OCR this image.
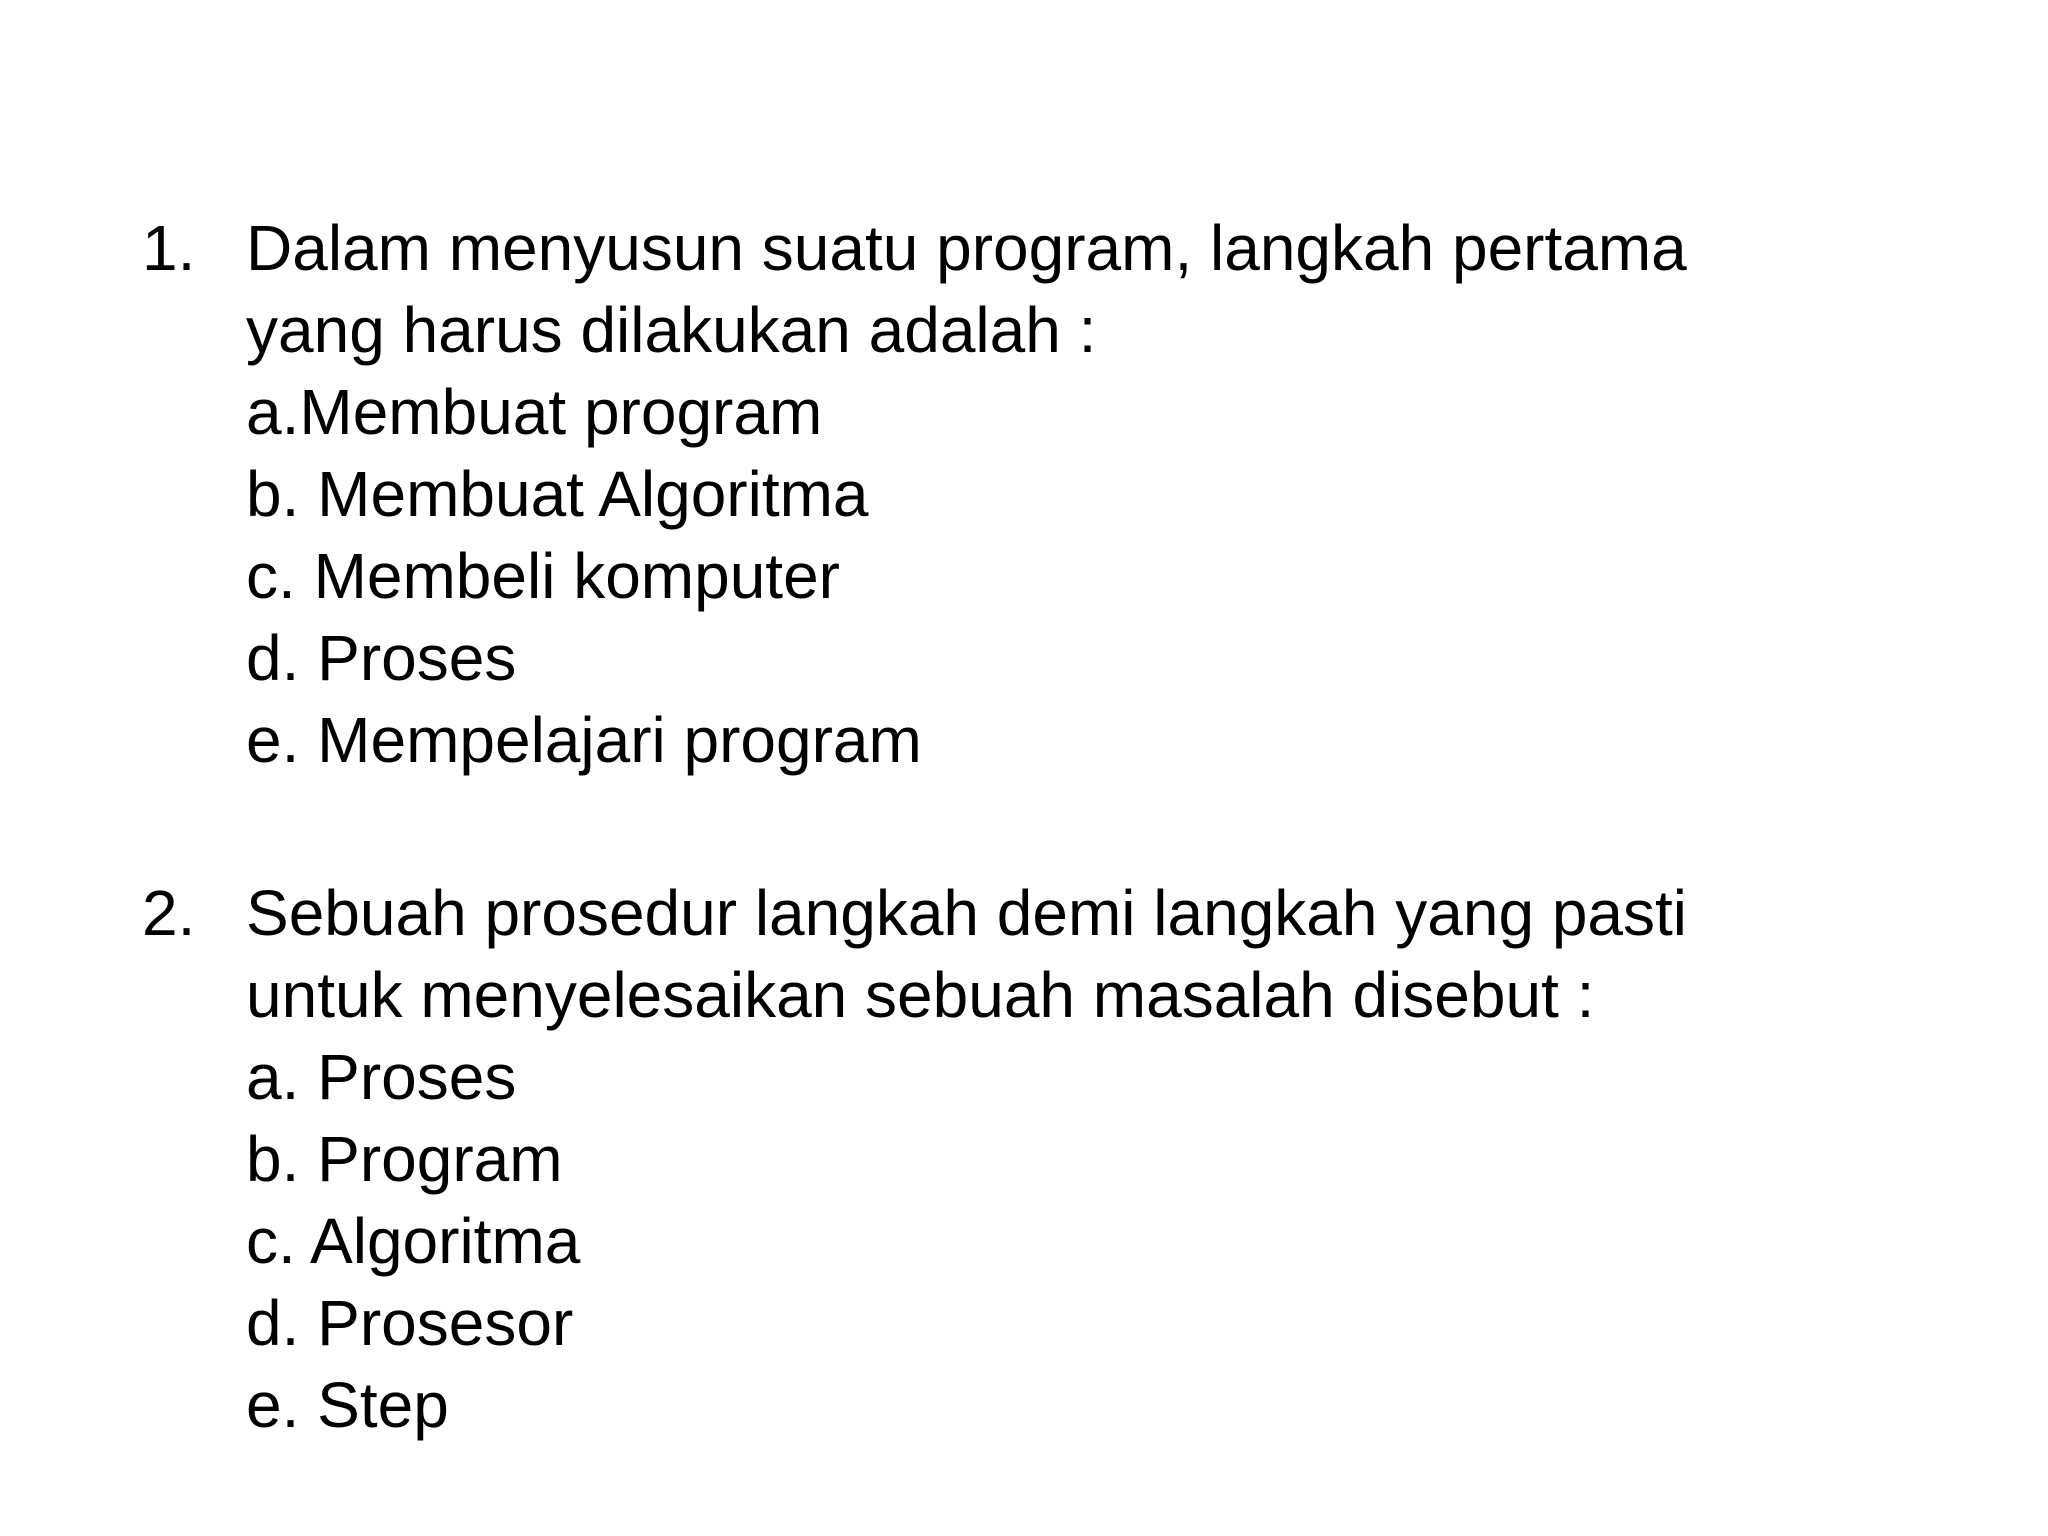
1. Dalam menyusun suatu program, langkah pertama
yang harus dilakukan adalah :
a.Membuat program
b. Membuat Algoritma
c. Membeli komputer
d. Proses
e. Mempelajari program
2. Sebuah prosedur langkah demi langkah yang pasti
untuk menyelesaikan sebuah masalah disebut :
a. Proses
b. Program
c. Algoritma
d. Prosesor
e. Step
